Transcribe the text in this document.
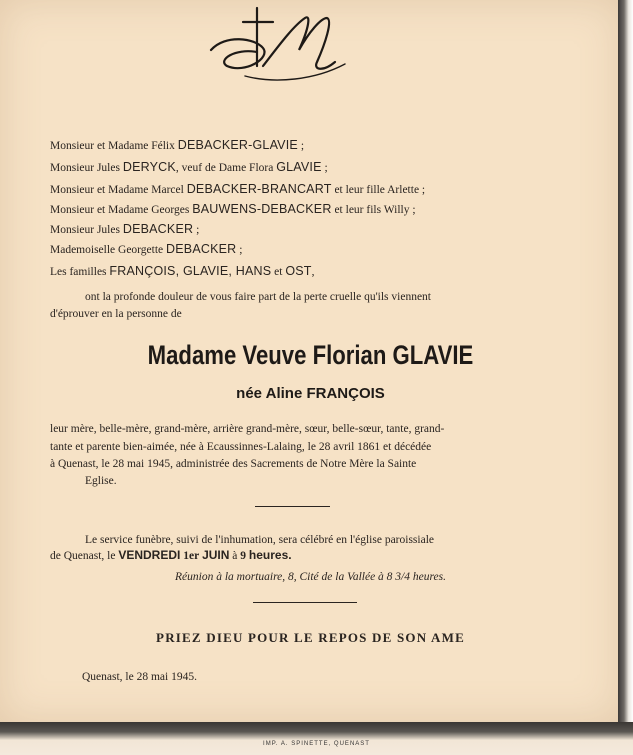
Monsieur et Madame Félix DEBACKER-GLAVIE ;
Monsieur Jules DERYCK, veuf de Dame Flora GLAVIE ;
Monsieur et Madame Marcel DEBACKER-BRANCART et leur fille Arlette ;
Monsieur et Madame Georges BAUWENS-DEBACKER et leur fils Willy ;
Monsieur Jules DEBACKER ;
Mademoiselle Georgette DEBACKER ;
Les familles FRANÇOIS, GLAVIE, HANS et OST,
ont la profonde douleur de vous faire part de la perte cruelle qu'ils viennent
d'éprouver en la personne de
Madame Veuve Florian GLAVIE
née Aline FRANÇOIS
leur mère, belle-mère, grand-mère, arrière grand-mère, sœur, belle-sœur, tante, grand-
tante et parente bien-aimée, née à Ecaussinnes-Lalaing, le 28 avril 1861 et décédée
à Quenast, le 28 mai 1945, administrée des Sacrements de Notre Mère la Sainte
Eglise.
Le service funèbre, suivi de l'inhumation, sera célébré en l'église paroissiale
de Quenast, le VENDREDI 1er JUIN à 9 heures.
Réunion à la mortuaire, 8, Cité de la Vallée à 8 3/4 heures.
PRIEZ DIEU POUR LE REPOS DE SON AME
Quenast, le 28 mai 1945.
IMP. A. SPINETTE, QUENAST
